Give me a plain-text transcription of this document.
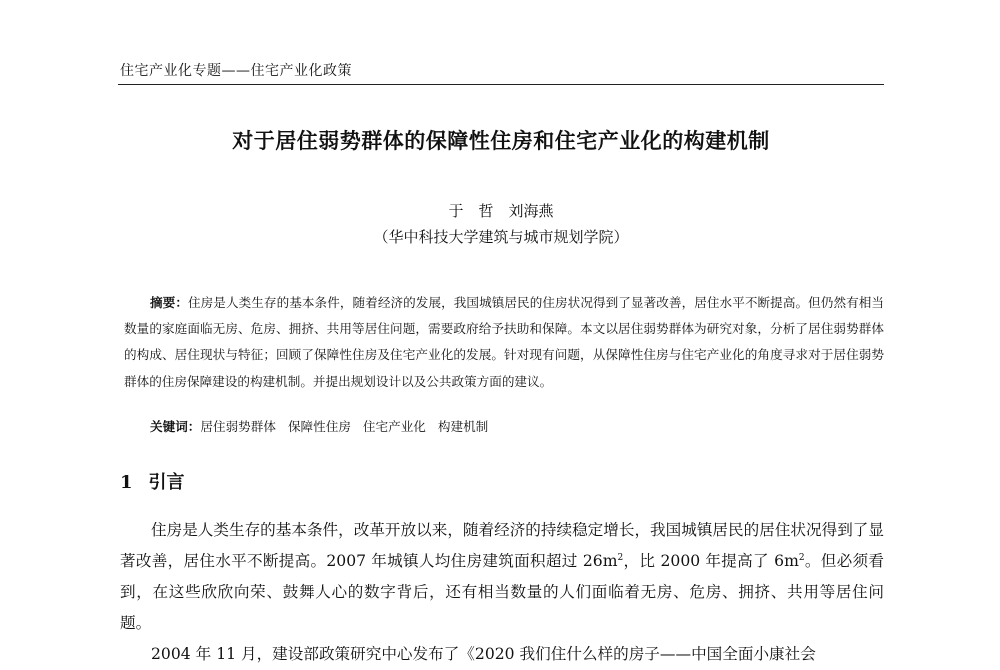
住宅产业化专题——住宅产业化政策
对于居住弱势群体的保障性住房和住宅产业化的构建机制
于　哲　刘海燕
（华中科技大学建筑与城市规划学院）

摘要：住房是人类生存的基本条件，随着经济的发展，我国城镇居民的住房状况得到了显著改善，居住水平不断提高。但仍然有相当数量的家庭面临无房、危房、拥挤、共用等居住问题，需要政府给予扶助和保障。本文以居住弱势群体为研究对象，分析了居住弱势群体的构成、居住现状与特征；回顾了保障性住房及住宅产业化的发展。针对现有问题，从保障性住房与住宅产业化的角度寻求对于居住弱势群体的住房保障建设的构建机制。并提出规划设计以及公共政策方面的建议。

关键词：居住弱势群体 保障性住房 住宅产业化 构建机制
1 引言

住房是人类生存的基本条件，改革开放以来，随着经济的持续稳定增长，我国城镇居民的居住状况得到了显著改善，居住水平不断提高。2007 年城镇人均住房建筑面积超过 $26m^2$，比 2000 年提高了 $6m^2$。但必须看到，在这些欣欣向荣、鼓舞人心的数字背后，还有相当数量的人们面临着无房、危房、拥挤、共用等居住问题。

2004 年 11 月，建设部政策研究中心发布了《2020 我们住什么样的房子——中国全面小康社会
